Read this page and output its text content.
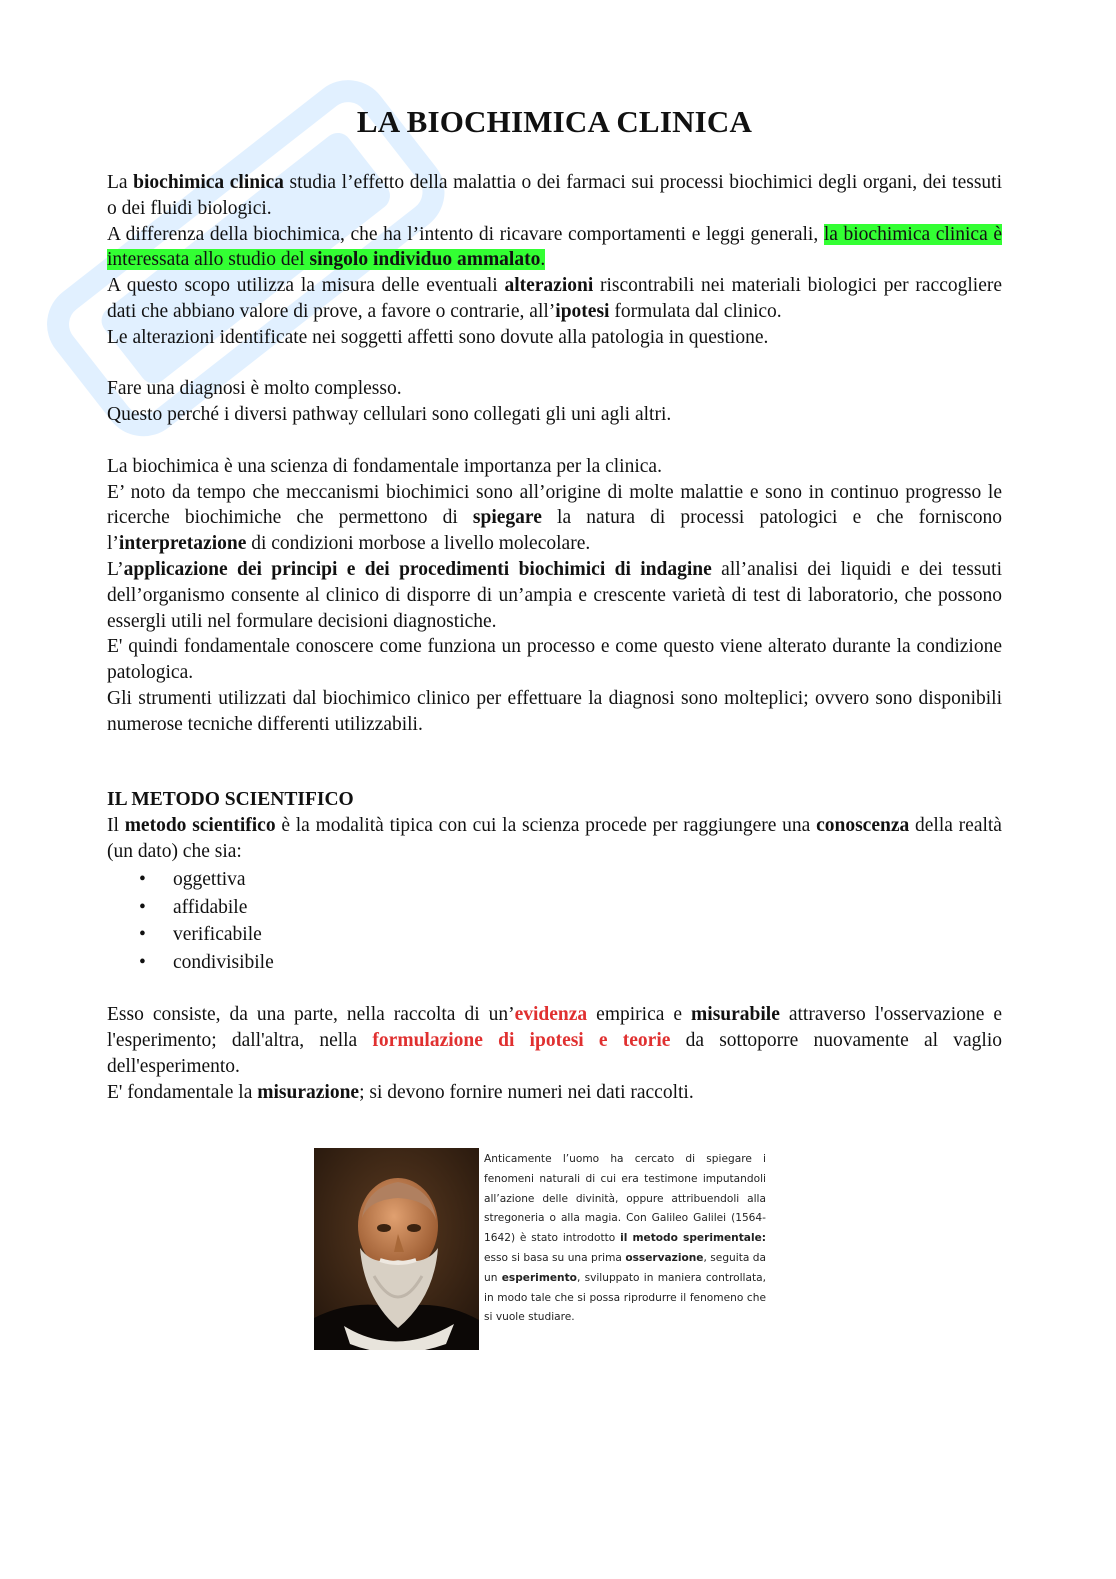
LA BIOCHIMICA CLINICA

La biochimica clinica studia l’effetto della malattia o dei farmaci sui processi biochimici degli organi, dei tessuti o dei fluidi biologici.

A differenza della biochimica, che ha l’intento di ricavare comportamenti e leggi generali, la biochimica clinica è interessata allo studio del singolo individuo ammalato.

A questo scopo utilizza la misura delle eventuali alterazioni riscontrabili nei materiali biologici per raccogliere dati che abbiano valore di prove, a favore o contrarie, all’ipotesi formulata dal clinico.

Le alterazioni identificate nei soggetti affetti sono dovute alla patologia in questione.

Fare una diagnosi è molto complesso.

Questo perché i diversi pathway cellulari sono collegati gli uni agli altri.

La biochimica è una scienza di fondamentale importanza per la clinica.

E’ noto da tempo che meccanismi biochimici sono all’origine di molte malattie e sono in continuo progresso le ricerche biochimiche che permettono di spiegare la natura di processi patologici e che forniscono l’interpretazione di condizioni morbose a livello molecolare.

L’applicazione dei principi e dei procedimenti biochimici di indagine all’analisi dei liquidi e dei tessuti dell’organismo consente al clinico di disporre di un’ampia e crescente varietà di test di laboratorio, che possono essergli utili nel formulare decisioni diagnostiche.

E' quindi fondamentale conoscere come funziona un processo e come questo viene alterato durante la condizione patologica.

Gli strumenti utilizzati dal biochimico clinico per effettuare la diagnosi sono molteplici; ovvero sono disponibili numerose tecniche differenti utilizzabili.

IL METODO SCIENTIFICO

Il metodo scientifico è la modalità tipica con cui la scienza procede per raggiungere una conoscenza della realtà (un dato) che sia:

• oggettiva
• affidabile
• verificabile
• condivisibile

Esso consiste, da una parte, nella raccolta di un’evidenza empirica e misurabile attraverso l'osservazione e l'esperimento; dall'altra, nella formulazione di ipotesi e teorie da sottoporre nuovamente al vaglio dell'esperimento.

E' fondamentale la misurazione; si devono fornire numeri nei dati raccolti.

Anticamente l’uomo ha cercato di spiegare i fenomeni naturali di cui era testimone imputandoli all’azione delle divinità, oppure attribuendoli alla stregoneria o alla magia. Con Galileo Galilei (1564-1642) è stato introdotto il metodo sperimentale: esso si basa su una prima osservazione, seguita da un esperimento, sviluppato in maniera controllata, in modo tale che si possa riprodurre il fenomeno che si vuole studiare.
